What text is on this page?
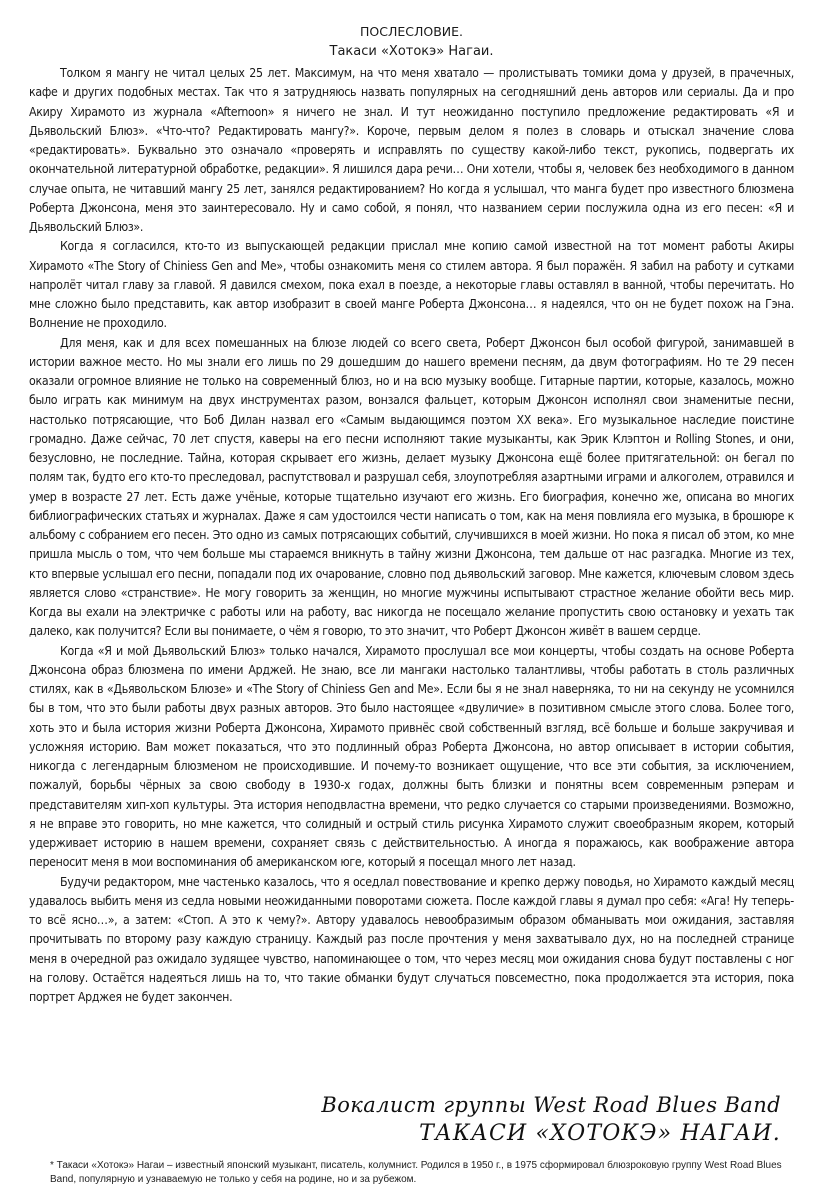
ПОСЛЕСЛОВИЕ.
Такаси «Хотокэ» Нагаи.

Толком я мангу не читал целых 25 лет. Максимум, на что меня хватало — пролистывать томики дома у друзей, в прачечных, кафе и других подобных местах. Так что я затрудняюсь назвать популярных на сегодняшний день авторов или сериалы. Да и про Акиру Хирамото из журнала «Afternoon» я ничего не знал. И тут неожиданно поступило предложение редактировать «Я и Дьявольский Блюз». «Что-что? Редактировать мангу?». Короче, первым делом я полез в словарь и отыскал значение слова «редактировать». Буквально это означало «проверять и исправлять по существу какой-либо текст, рукопись, подвергать их окончательной литературной обработке, редакции». Я лишился дара речи… Они хотели, чтобы я, человек без необходимого в данном случае опыта, не читавший мангу 25 лет, занялся редактированием? Но когда я услышал, что манга будет про известного блюзмена Роберта Джонсона, меня это заинтересовало. Ну и само собой, я понял, что названием серии послужила одна из его песен: «Я и Дьявольский Блюз».

Когда я согласился, кто-то из выпускающей редакции прислал мне копию самой известной на тот момент работы Акиры Хирамото «The Story of Chiniess Gen and Me», чтобы ознакомить меня со стилем автора. Я был поражён. Я забил на работу и сутками напролёт читал главу за главой. Я давился смехом, пока ехал в поезде, а некоторые главы оставлял в ванной, чтобы перечитать. Но мне сложно было представить, как автор изобразит в своей манге Роберта Джонсона… я надеялся, что он не будет похож на Гэна. Волнение не проходило.

Для меня, как и для всех помешанных на блюзе людей со всего света, Роберт Джонсон был особой фигурой, занимавшей в истории важное место. Но мы знали его лишь по 29 дошедшим до нашего времени песням, да двум фотографиям. Но те 29 песен оказали огромное влияние не только на современный блюз, но и на всю музыку вообще. Гитарные партии, которые, казалось, можно было играть как минимум на двух инструментах разом, вонзался фальцет, которым Джонсон исполнял свои знаменитые песни, настолько потрясающие, что Боб Дилан назвал его «Самым выдающимся поэтом XX века». Его музыкальное наследие поистине громадно. Даже сейчас, 70 лет спустя, каверы на его песни исполняют такие музыканты, как Эрик Клэптон и Rolling Stones, и они, безусловно, не последние. Тайна, которая скрывает его жизнь, делает музыку Джонсона ещё более притягательной: он бегал по полям так, будто его кто-то преследовал, распутствовал и разрушал себя, злоупотребляя азартными играми и алкоголем, отравился и умер в возрасте 27 лет. Есть даже учёные, которые тщательно изучают его жизнь. Его биография, конечно же, описана во многих библиографических статьях и журналах. Даже я сам удостоился чести написать о том, как на меня повлияла его музыка, в брошюре к альбому с собранием его песен. Это одно из самых потрясающих событий, случившихся в моей жизни. Но пока я писал об этом, ко мне пришла мысль о том, что чем больше мы стараемся вникнуть в тайну жизни Джонсона, тем дальше от нас разгадка. Многие из тех, кто впервые услышал его песни, попадали под их очарование, словно под дьявольский заговор. Мне кажется, ключевым словом здесь является слово «странствие». Не могу говорить за женщин, но многие мужчины испытывают страстное желание обойти весь мир. Когда вы ехали на электричке с работы или на работу, вас никогда не посещало желание пропустить свою остановку и уехать так далеко, как получится? Если вы понимаете, о чём я говорю, то это значит, что Роберт Джонсон живёт в вашем сердце.

Когда «Я и мой Дьявольский Блюз» только начался, Хирамото прослушал все мои концерты, чтобы создать на основе Роберта Джонсона образ блюзмена по имени Арджей. Не знаю, все ли мангаки настолько талантливы, чтобы работать в столь различных стилях, как в «Дьявольском Блюзе» и «The Story of Chiniess Gen and Me». Если бы я не знал наверняка, то ни на секунду не усомнился бы в том, что это были работы двух разных авторов. Это было настоящее «двуличие» в позитивном смысле этого слова. Более того, хоть это и была история жизни Роберта Джонсона, Хирамото привнёс свой собственный взгляд, всё больше и больше закручивая и усложняя историю. Вам может показаться, что это подлинный образ Роберта Джонсона, но автор описывает в истории события, никогда с легендарным блюзменом не происходившие. И почему-то возникает ощущение, что все эти события, за исключением, пожалуй, борьбы чёрных за свою свободу в 1930-х годах, должны быть близки и понятны всем современным рэперам и представителям хип-хоп культуры. Эта история неподвластна времени, что редко случается со старыми произведениями. Возможно, я не вправе это говорить, но мне кажется, что солидный и острый стиль рисунка Хирамото служит своеобразным якорем, который удерживает историю в нашем времени, сохраняет связь с действительностью. А иногда я поражаюсь, как воображение автора переносит меня в мои воспоминания об американском юге, который я посещал много лет назад.

Будучи редактором, мне частенько казалось, что я оседлал повествование и крепко держу поводья, но Хирамото каждый месяц удавалось выбить меня из седла новыми неожиданными поворотами сюжета. После каждой главы я думал про себя: «Ага! Ну теперь-то всё ясно…», а затем: «Стоп. А это к чему?». Автору удавалось невообразимым образом обманывать мои ожидания, заставляя прочитывать по второму разу каждую страницу. Каждый раз после прочтения у меня захватывало дух, но на последней странице меня в очередной раз ожидало зудящее чувство, напоминающее о том, что через месяц мои ожидания снова будут поставлены с ног на голову. Остаётся надеяться лишь на то, что такие обманки будут случаться повсеместно, пока продолжается эта история, пока портрет Арджея не будет закончен.

Вокалист группы West Road Blues Band
ТАКАСИ «ХОТОКЭ» НАГАИ.
* Такаси «Хотокэ» Нагаи – известный японский музыкант, писатель, колумнист. Родился в 1950 г., в 1975 сформировал блюзроковую группу West Road Blues Band, популярную и узнаваемую не только у себя на родине, но и за рубежом.
